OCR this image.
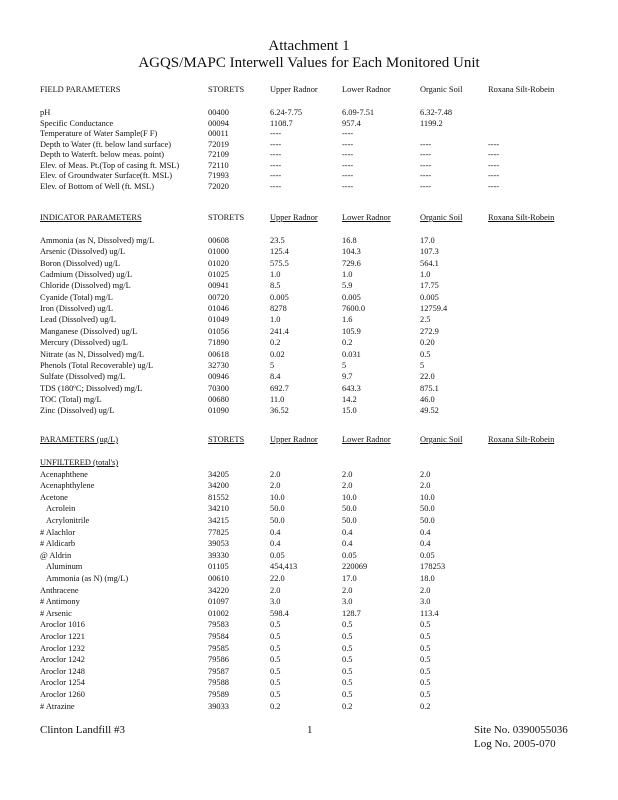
Attachment 1
AGQS/MAPC Interwell Values for Each Monitored Unit
FIELD PARAMETERS	STORETS	Upper Radnor	Lower Radnor	Organic Soil	Roxana Silt-Robein
pH	00400	6.24-7.75	6.09-7.51	6.32-7.48
Specific Conductance	00094	1108.7	957.4	1199.2
Temperature of Water Sample(F F)	00011	----	----
Depth to Water (ft. below land surface)	72019	----	----	----	----
Depth to Waterft. below meas. point)	72109	----	----	----	----
Elev. of Meas. Pt.(Top of casing ft. MSL)	72110	----	----	----	----
Elev. of Groundwater Surface(ft. MSL)	71993	----	----	----	----
Elev. of Bottom of Well (ft. MSL)	72020	----	----	----	----
INDICATOR PARAMETERS	STORETS	Upper Radnor	Lower Radnor	Organic Soil	Roxana Silt-Robein
Ammonia (as N, Dissolved) mg/L	00608	23.5	16.8	17.0
Arsenic (Dissolved) ug/L	01000	125.4	104.3	107.3
Boron (Dissolved) ug/L	01020	575.5	729.6	564.1
Cadmium (Dissolved) ug/L	01025	1.0	1.0	1.0
Chloride (Dissolved) mg/L	00941	8.5	5.9	17.75
Cyanide (Total) mg/L	00720	0.005	0.005	0.005
Iron (Dissolved) ug/L	01046	8278	7600.0	12759.4
Lead (Dissolved) ug/L	01049	1.0	1.6	2.5
Manganese (Dissolved) ug/L	01056	241.4	105.9	272.9
Mercury (Dissolved) ug/L	71890	0.2	0.2	0.20
Nitrate (as N, Dissolved) mg/L	00618	0.02	0.031	0.5
Phenols (Total Recoverable) ug/L	32730	5	5	5
Sulfate (Dissolved) mg/L	00946	8.4	9.7	22.0
TDS (180ºC; Dissolved) mg/L	70300	692.7	643.3	875.1
TOC (Total) mg/L	00680	11.0	14.2	46.0
Zinc (Dissolved) ug/L	01090	36.52	15.0	49.52
PARAMETERS (ug/L)	STORETS	Upper Radnor	Lower Radnor	Organic Soil	Roxana Silt-Robein
UNFILTERED (total's)
Acenaphthene	34205	2.0	2.0	2.0
Acenaphthylene	34200	2.0	2.0	2.0
Acetone	81552	10.0	10.0	10.0
Acrolein	34210	50.0	50.0	50.0
Acrylonitrile	34215	50.0	50.0	50.0
# Alachlor	77825	0.4	0.4	0.4
# Aldicarb	39053	0.4	0.4	0.4
@ Aldrin	39330	0.05	0.05	0.05
Aluminum	01105	454,413	220069	178253
Ammonia (as N) (mg/L)	00610	22.0	17.0	18.0
Anthracene	34220	2.0	2.0	2.0
# Antimony	01097	3.0	3.0	3.0
# Arsenic	01002	598.4	128.7	113.4
Aroclor 1016	79583	0.5	0.5	0.5
Aroclor 1221	79584	0.5	0.5	0.5
Aroclor 1232	79585	0.5	0.5	0.5
Aroclor 1242	79586	0.5	0.5	0.5
Aroclor 1248	79587	0.5	0.5	0.5
Aroclor 1254	79588	0.5	0.5	0.5
Aroclor 1260	79589	0.5	0.5	0.5
# Atrazine	39033	0.2	0.2	0.2
Clinton Landfill #3	1	Site No. 0390055036
Log No. 2005-070
